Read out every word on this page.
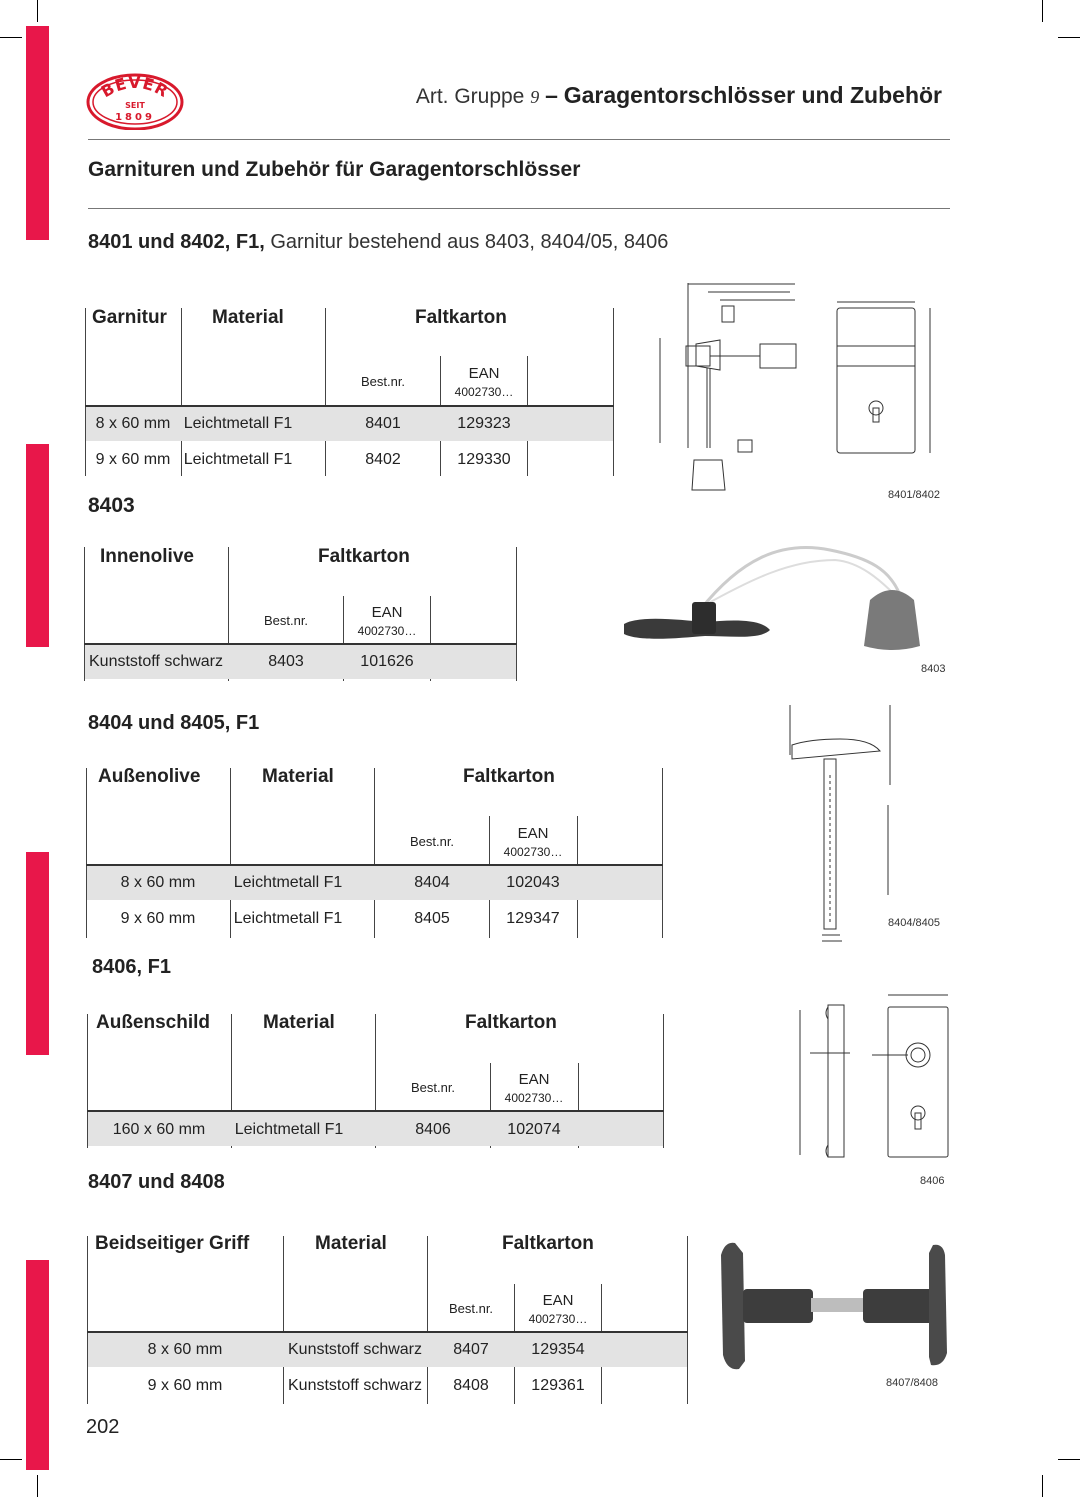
BEVER
SEIT
1809
Art. Gruppe 9 – Garagentorschlösser und Zubehör
Garnituren und Zubehör für Garagentorschlösser
8401 und 8402, F1, Garnitur bestehend aus 8403, 8404/05, 8406
Garnitur Material	Faltkarton
Best.nr.	EAN
4002730…
8 x 60 mm Leichtmetall F1	8401	129323
9 x 60 mm Leichtmetall F1	8402	129330
8401/8402
8403
Innenolive	Faltkarton
Best.nr.	EAN
4002730…
Kunststoff schwarz	8403	101626	8403
8404 und 8405, F1
Außenolive	Material	Faltkarton
Best.nr.	EAN
4002730…
8 x 60 mm Leichtmetall F1	8404	102043
9 x 60 mm Leichtmetall F1	8405	129347	8404/8405
8406, F1
Außenschild	Material	Faltkarton
Best.nr.	EAN
4002730…
160 x 60 mm Leichtmetall F1	8406	102074
8406
8407 und 8408
Beidseitiger Griff	Material	Faltkarton
Best.nr.	EAN
4002730…
8 x 60 mm	Kunststoff schwarz 8407	129354
9 x 60 mm	Kunststoff schwarz 8408	129361	8407/8408
202
